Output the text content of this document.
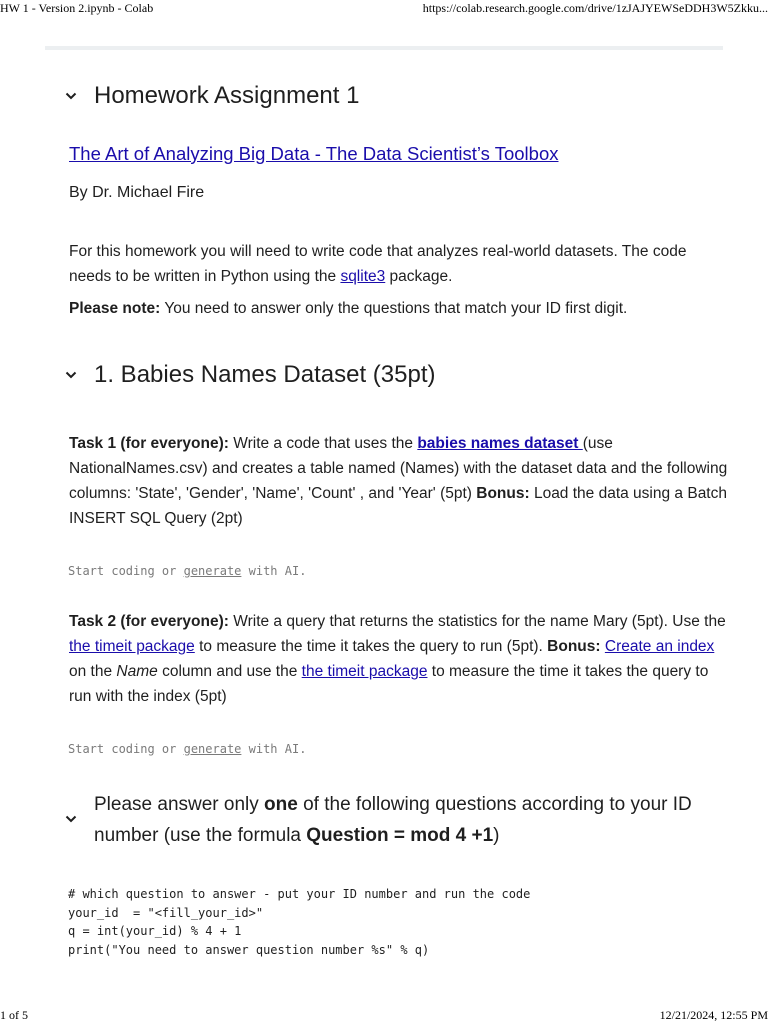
HW 1 - Version 2.ipynb - Colab	https://colab.research.google.com/drive/1zJAJYEWSeDDH3W5Zkku...
Homework Assignment 1
The Art of Analyzing Big Data - The Data Scientist’s Toolbox
By Dr. Michael Fire
For this homework you will need to write code that analyzes real-world datasets. The code needs to be written in Python using the sqlite3 package.
Please note: You need to answer only the questions that match your ID first digit.
1. Babies Names Dataset (35pt)
Task 1 (for everyone): Write a code that uses the babies names dataset (use NationalNames.csv) and creates a table named (Names) with the dataset data and the following columns: 'State', 'Gender', 'Name', 'Count' , and 'Year' (5pt) Bonus: Load the data using a Batch INSERT SQL Query (2pt)
Start coding or generate with AI.
Task 2 (for everyone): Write a query that returns the statistics for the name Mary (5pt). Use the the timeit package to measure the time it takes the query to run (5pt). Bonus: Create an index on the Name column and use the the timeit package to measure the time it takes the query to run with the index (5pt)
Start coding or generate with AI.
Please answer only one of the following questions according to your ID number (use the formula Question = mod 4 +1)
# which question to answer - put your ID number and run the code
your_id  = "<fill_your_id>"
q = int(your_id) % 4 + 1
print("You need to answer question number %s" % q)
1 of 5	12/21/2024, 12:55 PM
